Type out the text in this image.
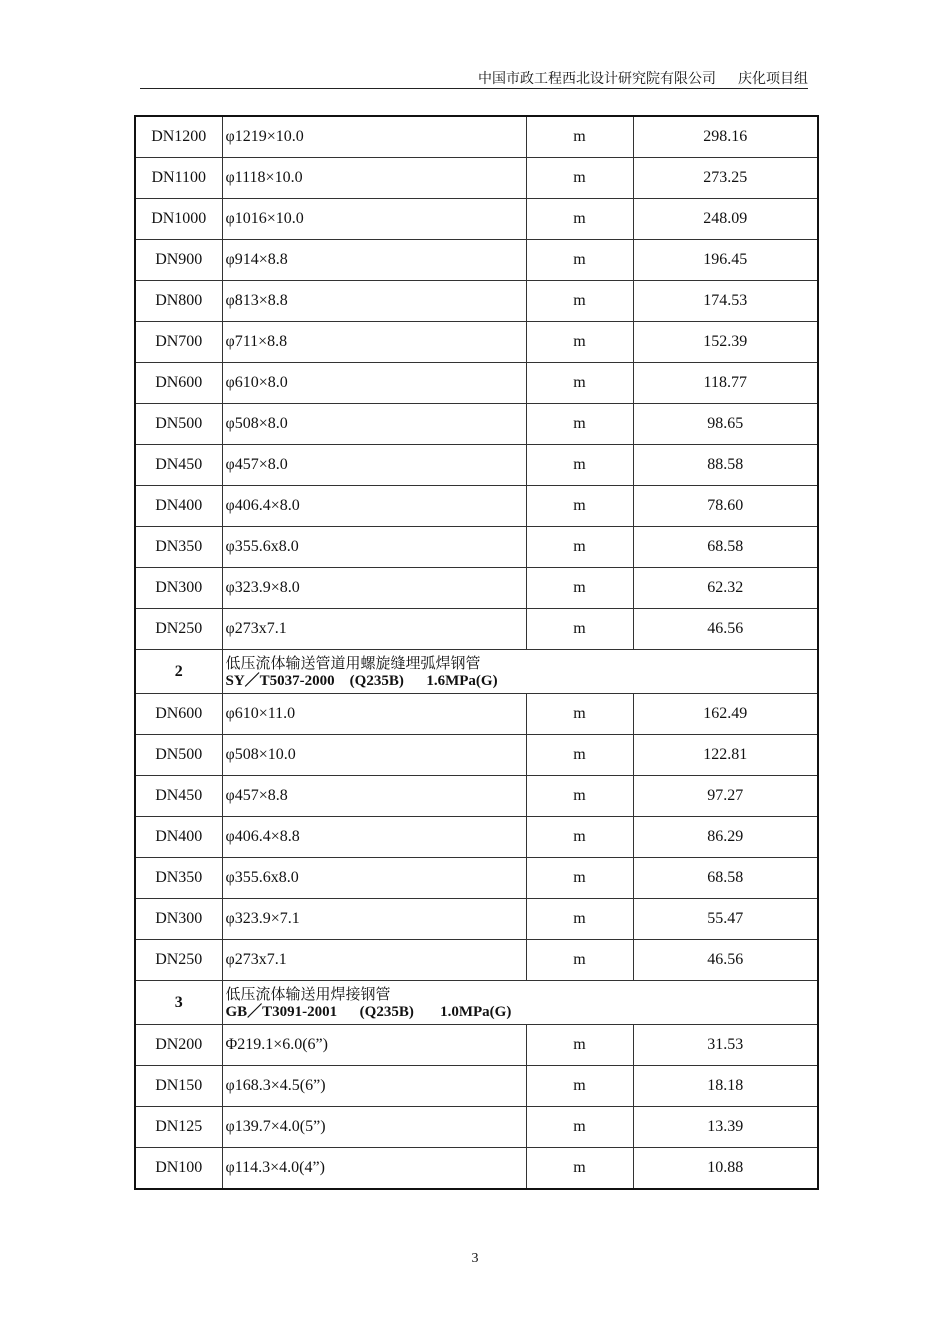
中国市政工程西北设计研究院有限公司 庆化项目组
DN1200	φ1219×10.0	m	298.16
DN1100	φ1118×10.0	m	273.25
DN1000	φ1016×10.0	m	248.09
DN900	φ914×8.8	m	196.45
DN800	φ813×8.8	m	174.53
DN700	φ711×8.8	m	152.39
DN600	φ610×8.0	m	118.77
DN500	φ508×8.0	m	98.65
DN450	φ457×8.0	m	88.58
DN400	φ406.4×8.0	m	78.60
DN350	φ355.6x8.0	m	68.58
DN300	φ323.9×8.0	m	62.32
DN250	φ273x7.1	m	46.56
2	低压流体输送管道用螺旋缝埋弧焊钢管
SY／T5037-2000    (Q235B)      1.6MPa(G)		

DN600	φ610×11.0	m	162.49
DN500	φ508×10.0	m	122.81
DN450	φ457×8.8	m	97.27
DN400	φ406.4×8.8	m	86.29
DN350	φ355.6x8.0	m	68.58
DN300	φ323.9×7.1	m	55.47
DN250	φ273x7.1	m	46.56
3	低压流体输送用焊接钢管
GB／T3091-2001      (Q235B)       1.0MPa(G)		

DN200	Φ219.1×6.0(6”)	m	31.53
DN150	φ168.3×4.5(6”)	m	18.18
DN125	φ139.7×4.0(5”)	m	13.39
DN100	φ114.3×4.0(4”)	m	10.88
3
